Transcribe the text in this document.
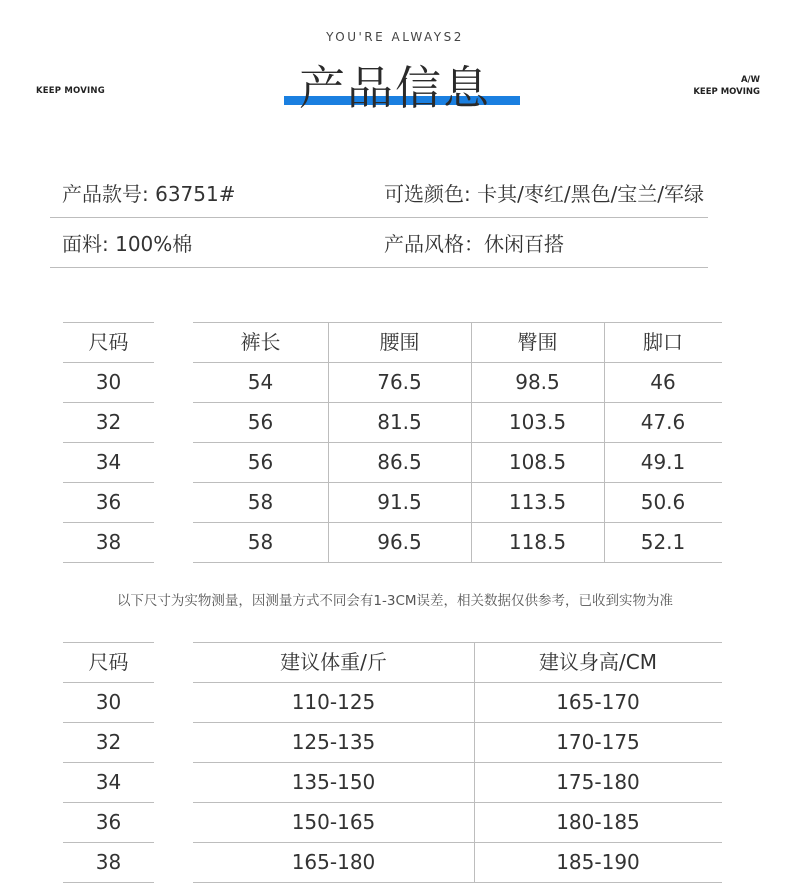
YOU'RE ALWAYS2
KEEP MOVING
A/W
KEEP MOVING
产品信息
产品款号: 63751#	可选颜色: 卡其/枣红/黑色/宝兰/军绿
面料: 100%棉	产品风格：休闲百搭
尺码	裤长	腰围	臀围	脚口
30	54	76.5	98.5	46
32	56	81.5	103.5	47.6
34	56	86.5	108.5	49.1
36	58	91.5	113.5	50.6
38	58	96.5	118.5	52.1
以下尺寸为实物测量，因测量方式不同会有1-3CM误差，相关数据仅供参考，已收到实物为准
尺码	建议体重/斤	建议身高/CM
30	110-125	165-170
32	125-135	170-175
34	135-150	175-180
36	150-165	180-185
38	165-180	185-190
